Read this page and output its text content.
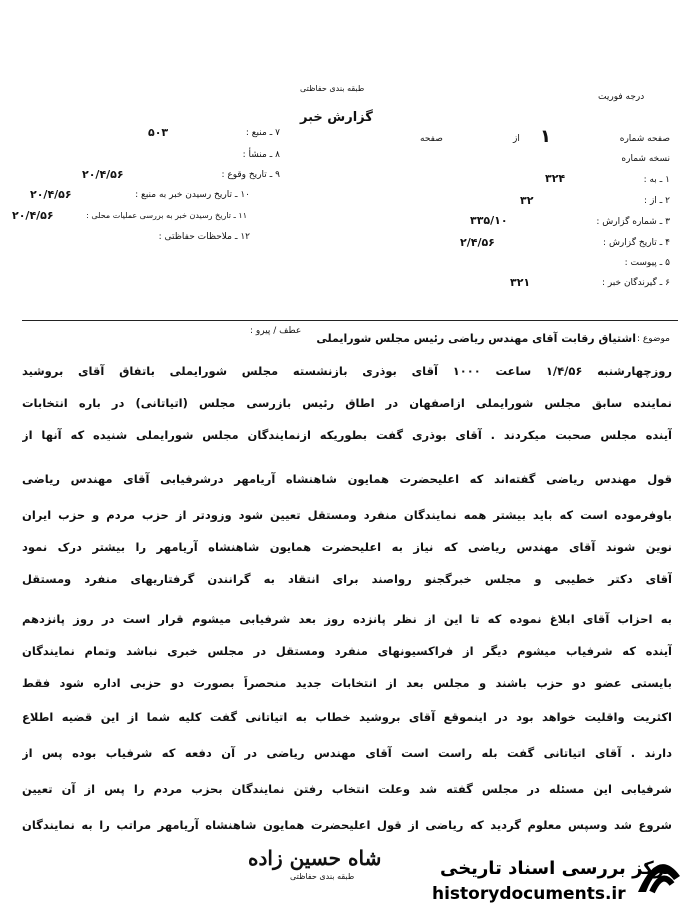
درجه فوریت
طبقه بندی حفاظتی
گزارش خبر
۷ ـ منبع :
۵۰۳
۸ ـ منشأ :
۹ ـ تاریخ وقوع :
۲۰/۴/۵۶
۱۰ ـ تاریخ رسیدن خبر به منبع :
۲۰/۴/۵۶
۱۱ ـ تاریخ رسیدن خبر به بررسی عملیات محلی :
۲۰/۴/۵۶
۱۲ ـ ملاحظات حفاظتی :
صفحه شماره
۱
از
صفحه
نسخه شماره
۱ ـ به :
۳۲۴
۲ ـ از :
۳۲
۳ ـ شماره گزارش :
۳۳۵/۱۰
۴ ـ تاریخ گزارش :
۲/۴/۵۶
۵ ـ پیوست :
۶ ـ گیرندگان خبر :
۳۲۱
موضوع :
اشتیاق رقابت آقای مهندس ریاضی رئیس مجلس شورایملی
عطف / پیرو :
روزچهارشنبه ۱/۴/۵۶ ساعت ۱۰۰۰ آقای بوذری بازنشسته مجلس شورایملی باتفاق آقای بروشید
نماینده سابق مجلس شورایملی ازاصفهان در اطاق رئیس بازرسی مجلس (اتیاتانی) در باره انتخابات
آینده مجلس صحبت میکردند . آقای بوذری گفت بطوریکه ازنمایندگان مجلس شورایملی شنیده که آنها از
قول مهندس ریاضی گفته‌اند که اعلیحضرت همایون شاهنشاه آریامهر درشرفیابی آقای مهندس ریاضی
باوفرموده است که باید بیشتر همه نمایندگان منفرد ومستقل تعیین شود وزودتر از حزب مردم و حزب ایران
نوین شوند آقای مهندس ریاضی که نیاز به اعلیحضرت همایون شاهنشاه آریامهر را بیشتر درک نمود
آقای دکتر خطیبی و مجلس خبرگجنو رواصند برای انتقاد به گرانندن گرفتاریهای منفرد ومستقل
به احزاب آقای ابلاغ نموده که تا این از نظر پانزده روز بعد شرفیابی میشوم قرار است در روز پانزدهم
آینده که شرفیاب میشوم دیگر از فراکسیونهای منفرد ومستقل در مجلس خبری نباشد وتمام نمایندگان
بایستی عضو دو حزب باشند و مجلس بعد از انتخابات جدید منحصراً بصورت دو حزبی اداره شود فقط
اکثریت واقلیت خواهد بود در اینموقع آقای بروشید خطاب به اتیاتانی گفت کلیه شما از این قضیه اطلاع
دارند . آقای اتیاتانی گفت بله راست است آقای مهندس ریاضی در آن دفعه که شرفیاب بوده پس از
شرفیابی این مسئله در مجلس گفته شد وعلت انتخاب رفتن نمایندگان بحزب مردم را پس از آن تعیین
شروع شد وسپس معلوم گردید که ریاضی از قول اعلیحضرت همایون شاهنشاه آریامهر مراتب را به نمایندگان
شاه حسین زاده
طبقه بندی حفاظتی	مرکز بررسی اسناد تاریخی
historydocuments.ir
